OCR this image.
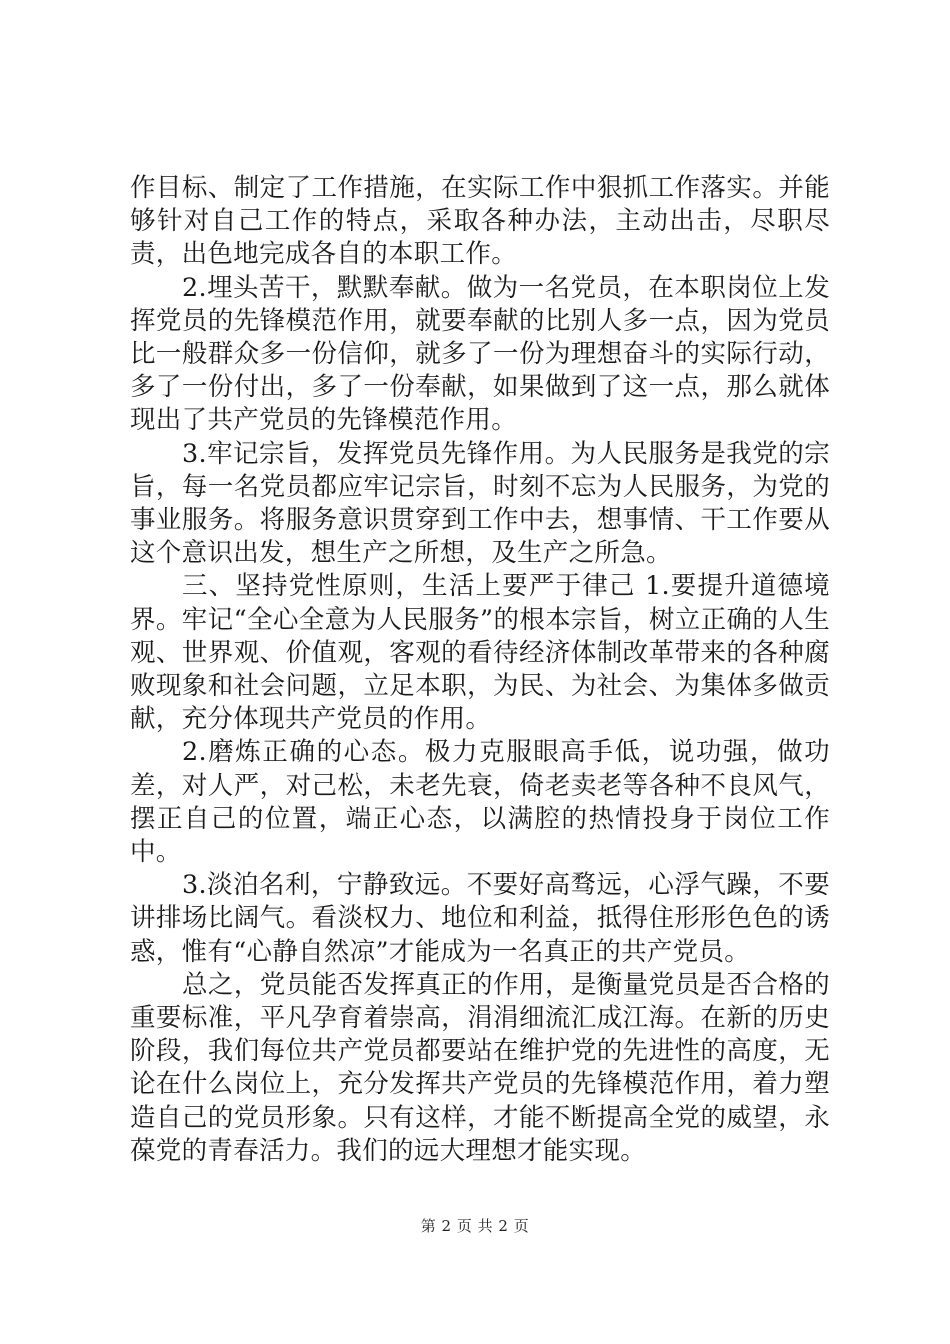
作目标、制定了工作措施，在实际工作中狠抓工作落实。并能够针对自己工作的特点，采取各种办法，主动出击，尽职尽责，出色地完成各自的本职工作。

2.埋头苦干，默默奉献。做为一名党员，在本职岗位上发挥党员的先锋模范作用，就要奉献的比别人多一点，因为党员比一般群众多一份信仰，就多了一份为理想奋斗的实际行动，多了一份付出，多了一份奉献，如果做到了这一点，那么就体现出了共产党员的先锋模范作用。

3.牢记宗旨，发挥党员先锋作用。为人民服务是我党的宗旨，每一名党员都应牢记宗旨，时刻不忘为人民服务，为党的事业服务。将服务意识贯穿到工作中去，想事情、干工作要从这个意识出发，想生产之所想，及生产之所急。

三、坚持党性原则，生活上要严于律己 1.要提升道德境界。牢记“全心全意为人民服务”的根本宗旨，树立正确的人生观、世界观、价值观，客观的看待经济体制改革带来的各种腐败现象和社会问题，立足本职，为民、为社会、为集体多做贡献，充分体现共产党员的作用。

2.磨炼正确的心态。极力克服眼高手低，说功强，做功差，对人严，对己松，未老先衰，倚老卖老等各种不良风气，摆正自己的位置，端正心态，以满腔的热情投身于岗位工作中。

3.淡泊名利，宁静致远。不要好高骛远，心浮气躁，不要讲排场比阔气。看淡权力、地位和利益，抵得住形形色色的诱惑，惟有“心静自然凉”才能成为一名真正的共产党员。

总之，党员能否发挥真正的作用，是衡量党员是否合格的重要标准，平凡孕育着崇高，涓涓细流汇成江海。在新的历史阶段，我们每位共产党员都要站在维护党的先进性的高度，无论在什么岗位上，充分发挥共产党员的先锋模范作用，着力塑造自己的党员形象。只有这样，才能不断提高全党的威望，永葆党的青春活力。我们的远大理想才能实现。

第 2 页 共 2 页
